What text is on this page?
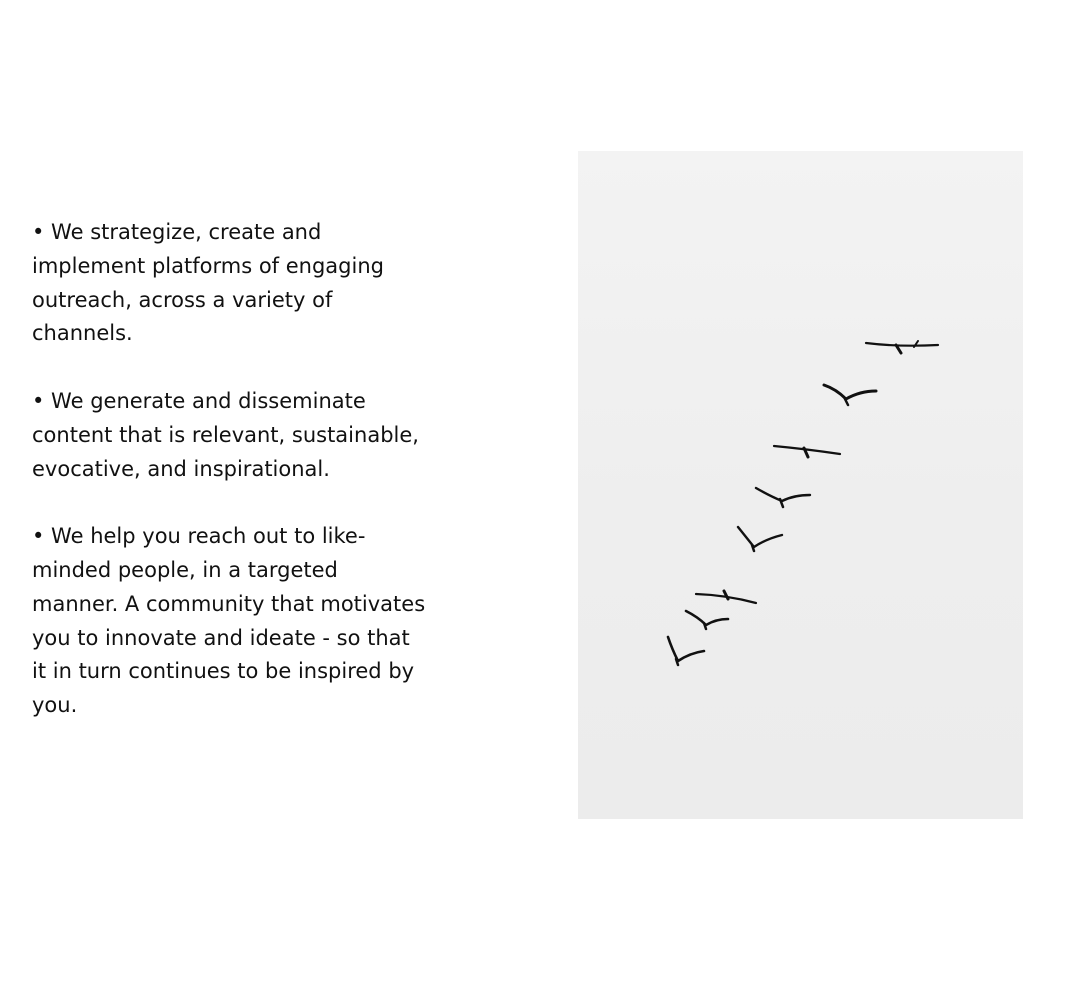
• We strategize, create and implement platforms of engaging outreach, across a variety of channels.

• We generate and disseminate content that is relevant, sustainable, evocative, and inspirational.

• We help you reach out to like-minded people, in a targeted manner. A community that motivates you to innovate and ideate - so that it in turn continues to be inspired by you.
